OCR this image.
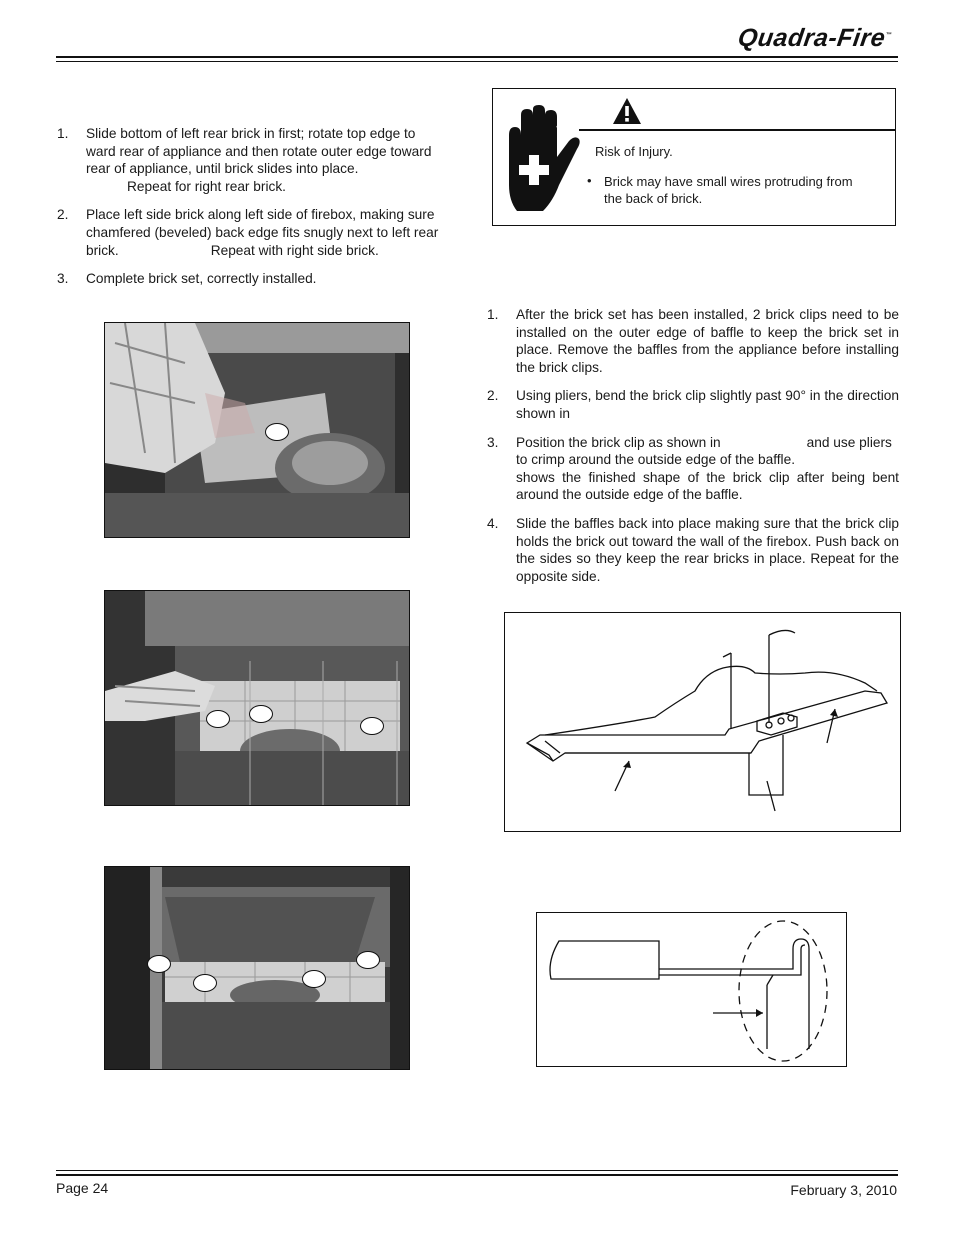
Quadra-Fire™
1. Slide bottom of left rear brick in first; rotate top edge to
ward rear of appliance and then rotate outer edge toward
rear of appliance, until brick slides into place.
Repeat for right rear brick.
2. Place left side brick along left side of firebox, making sure
chamfered (beveled) back edge fits snugly next to left rear
brick.	Repeat with right side brick.
3. Complete brick set, correctly installed.
✓
Risk of Injury.
• Brick may have small wires protruding from
the back of brick.
1. After the brick set has been installed, 2 brick clips need to be installed on the outer edge of baffle to keep the brick set in place. Remove the baffles from the appliance before installing the brick clips.
2. Using pliers, bend the brick clip slightly past 90° in the direction shown in
3. Position the brick clip as shown in	and use pliers
to crimp around the outside edge of the baffle.
shows the finished shape of the brick clip after being bent around the outside edge of the baffle.
4. Slide the baffles back into place making sure that the brick clip holds the brick out toward the wall of the firebox. Push back on the sides so they keep the rear bricks in place. Repeat for the opposite side.
Page 24	February 3, 2010
